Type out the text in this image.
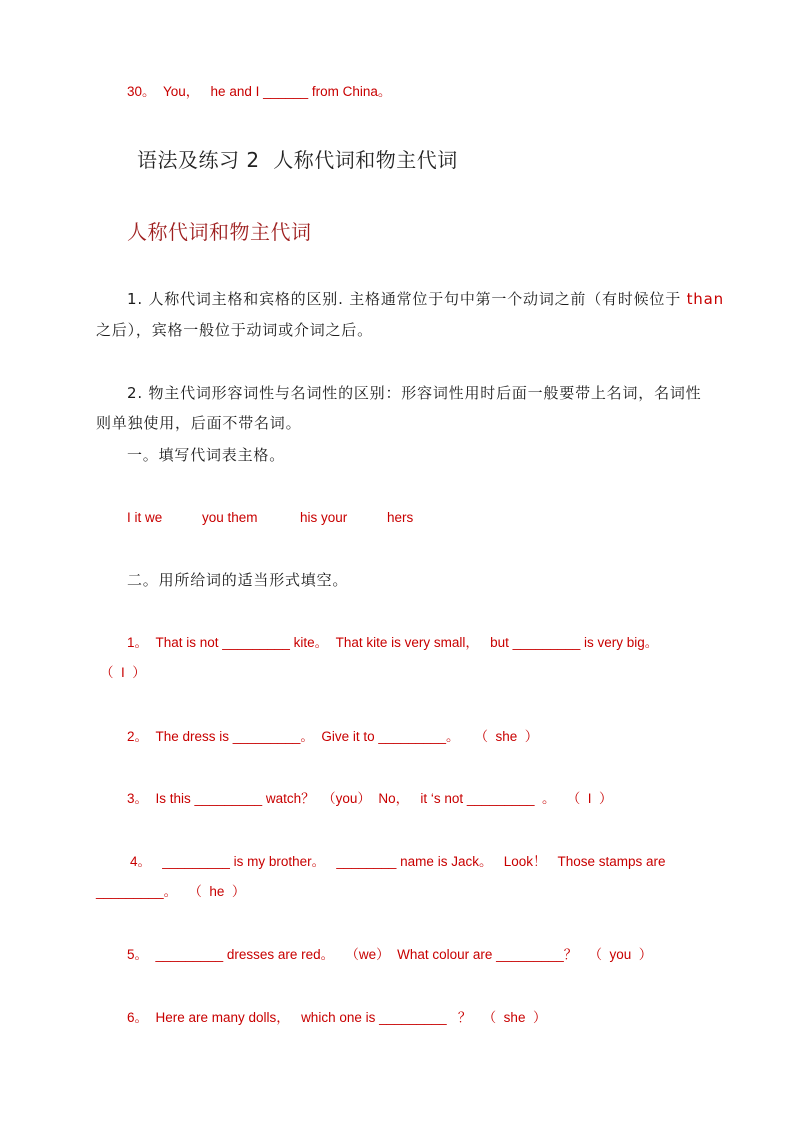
30。  You，   he and I ______ from China。
语法及练习 2  人称代词和物主代词
人称代词和物主代词
1. 人称代词主格和宾格的区别. 主格通常位于句中第一个动词之前（有时候位于 than
之后），宾格一般位于动词或介词之后。
2. 物主代词形容词性与名词性的区别：形容词性用时后面一般要带上名词，名词性
则单独使用，后面不带名词。
一。填写代词表主格。
I it we	you them	his your	hers
二。用所给词的适当形式填空。
1。  That is not _________ kite。  That kite is very small，   but _________ is very big。
（  I  ）
2。  The dress is _________。  Give it to _________。    （  she  ）
3。  Is this _________ watch？  （you）  No，   it ‘s not _________  。   （  I  ）
4。   _________ is my brother。   ________ name is Jack。   Look！   Those stamps are
_________。   （  he  ）
5。  _________ dresses are red。   （we）  What colour are _________？   （  you  ）
6。  Here are many dolls，   which one is _________   ？   （  she  ）
